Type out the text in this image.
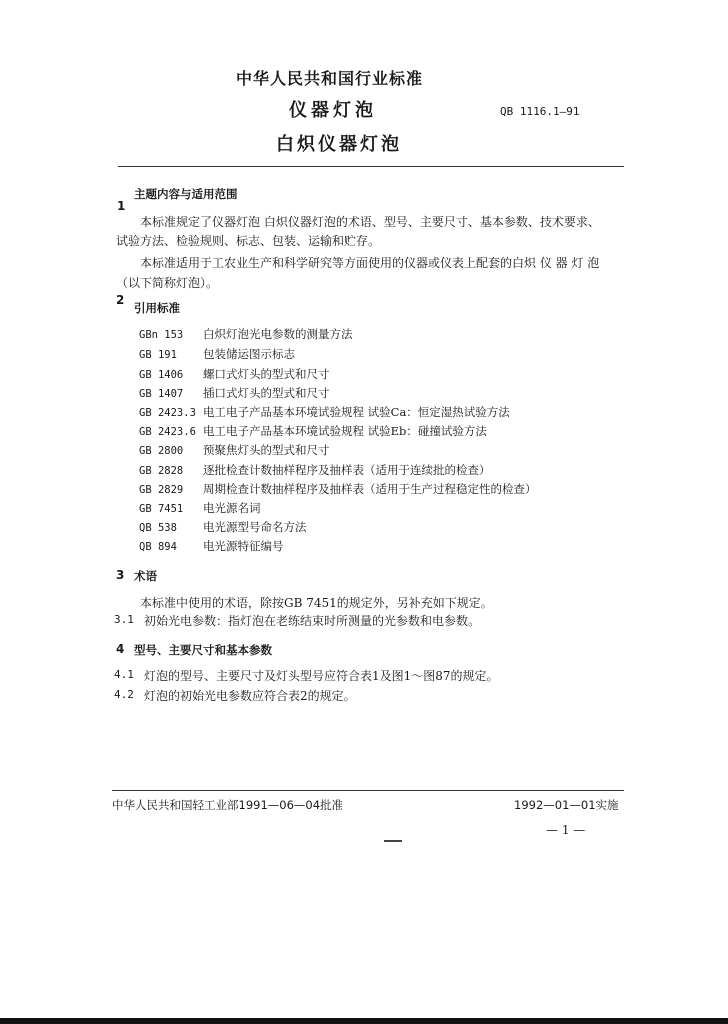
中华人民共和国行业标准
仪器灯泡	QB 1116.1—91
白炽仪器灯泡
主题内容与适用范围
1
本标准规定了仪器灯泡 白炽仪器灯泡的术语、型号、主要尺寸、基本参数、技术要求、
试验方法、检验规则、标志、包装、运输和贮存。
本标准适用于工农业生产和科学研究等方面使用的仪器或仪表上配套的白炽 仪 器 灯 泡
（以下简称灯泡）。
2
引用标准
GBn 153 白炽灯泡光电参数的测量方法
GB 191 包装储运图示标志
GB 1406 螺口式灯头的型式和尺寸
GB 1407 插口式灯头的型式和尺寸
GB 2423.3 电工电子产品基本环境试验规程 试验Ca：恒定湿热试验方法
GB 2423.6 电工电子产品基本环境试验规程 试验Eb：碰撞试验方法
GB 2800 预聚焦灯头的型式和尺寸
GB 2828 逐批检查计数抽样程序及抽样表（适用于连续批的检查）
GB 2829 周期检查计数抽样程序及抽样表（适用于生产过程稳定性的检查）
GB 7451 电光源名词
QB 538 电光源型号命名方法
QB 894 电光源特征编号
3 术语
本标准中使用的术语，除按GB 7451的规定外，另补充如下规定。
3.1 初始光电参数：指灯泡在老练结束时所测量的光参数和电参数。
4 型号、主要尺寸和基本参数
4.1 灯泡的型号、主要尺寸及灯头型号应符合表1及图1～图87的规定。
4.2 灯泡的初始光电参数应符合表2的规定。
中华人民共和国轻工业部1991—06—04批准	1992—01—01实施
— 1 —
